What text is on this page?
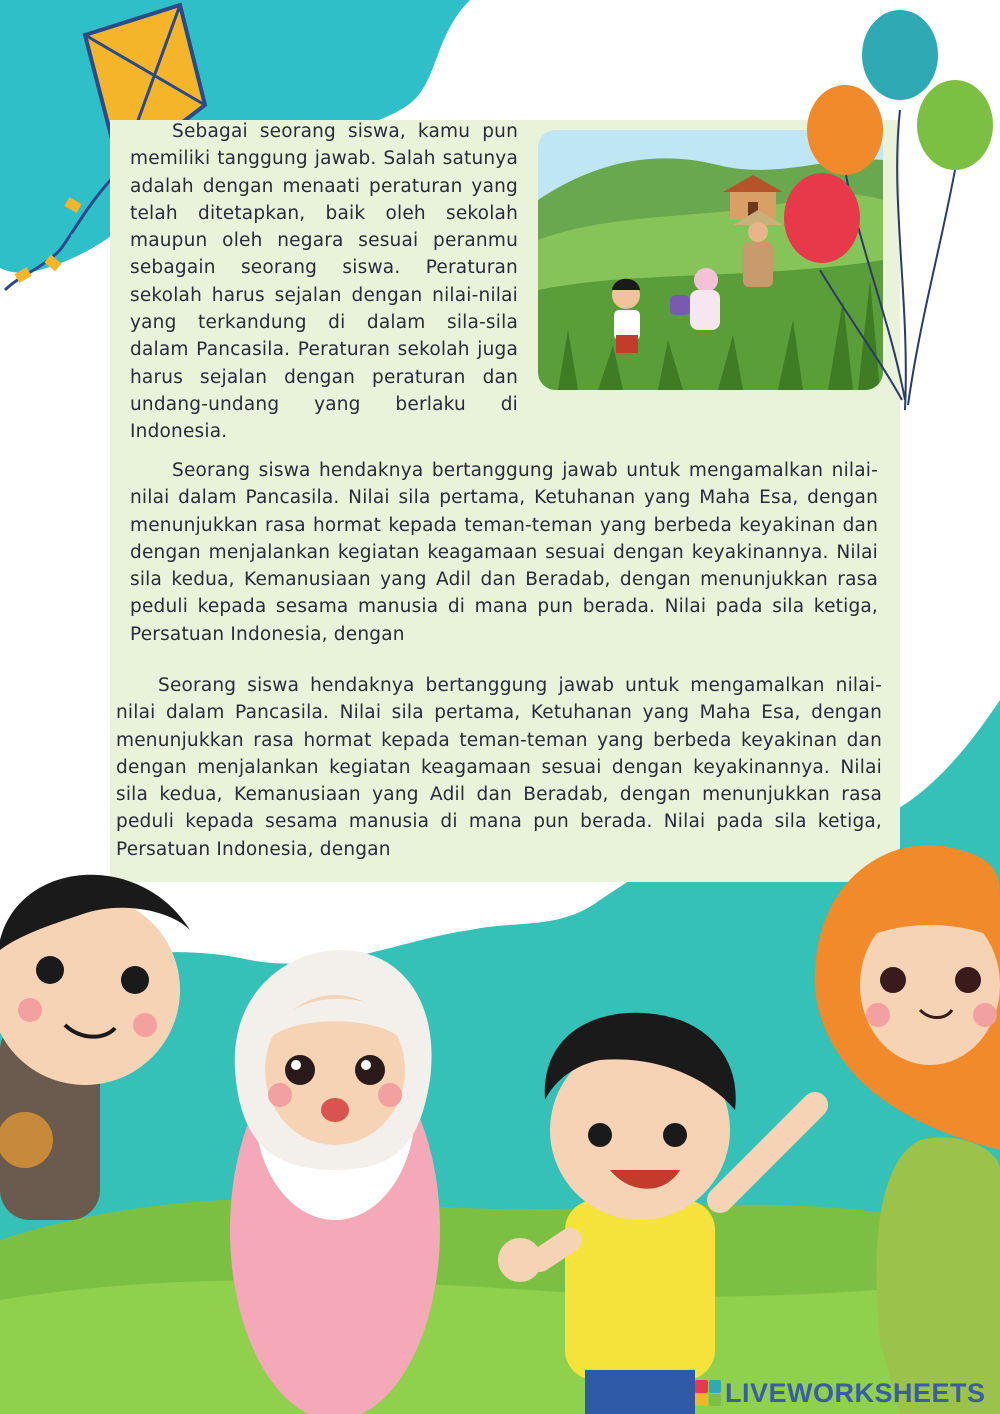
Sebagai seorang siswa, kamu pun memiliki tanggung jawab. Salah satunya adalah dengan menaati peraturan yang telah ditetapkan, baik oleh sekolah maupun oleh negara sesuai peranmu sebagain seorang siswa. Peraturan sekolah harus sejalan dengan nilai-nilai yang terkandung di dalam sila-sila dalam Pancasila. Peraturan sekolah juga harus sejalan dengan peraturan dan undang-undang yang berlaku di Indonesia.

Seorang siswa hendaknya bertanggung jawab untuk mengamalkan nilai-nilai dalam Pancasila. Nilai sila pertama, Ketuhanan yang Maha Esa, dengan menunjukkan rasa hormat kepada teman-teman yang berbeda keyakinan dan dengan menjalankan kegiatan keagamaan sesuai dengan keyakinannya. Nilai sila kedua, Kemanusiaan yang Adil dan Beradab, dengan menunjukkan rasa peduli kepada sesama manusia di mana pun berada. Nilai pada sila ketiga, Persatuan Indonesia, dengan

Seorang siswa hendaknya bertanggung jawab untuk mengamalkan nilai-nilai dalam Pancasila. Nilai sila pertama, Ketuhanan yang Maha Esa, dengan menunjukkan rasa hormat kepada teman-teman yang berbeda keyakinan dan dengan menjalankan kegiatan keagamaan sesuai dengan keyakinannya. Nilai sila kedua, Kemanusiaan yang Adil dan Beradab, dengan menunjukkan rasa peduli kepada sesama manusia di mana pun berada. Nilai pada sila ketiga, Persatuan Indonesia, dengan

LIVEWORKSHEETS
